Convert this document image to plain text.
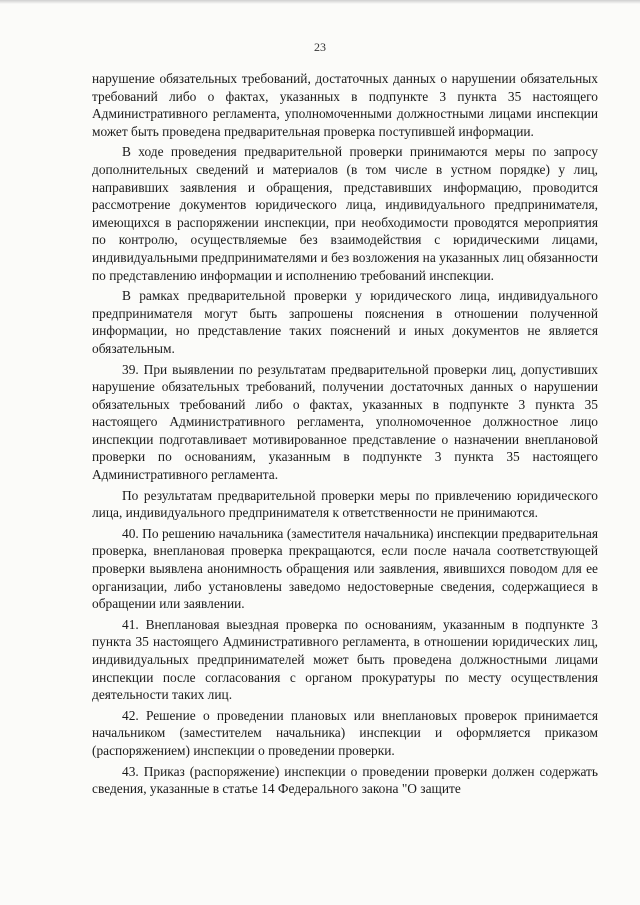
23

нарушение обязательных требований, достаточных данных о нарушении обязательных требований либо о фактах, указанных в подпункте 3 пункта 35 настоящего Административного регламента, уполномоченными должностными лицами инспекции может быть проведена предварительная проверка поступившей информации.

В ходе проведения предварительной проверки принимаются меры по запросу дополнительных сведений и материалов (в том числе в устном порядке) у лиц, направивших заявления и обращения, представивших информацию, проводится рассмотрение документов юридического лица, индивидуального предпринимателя, имеющихся в распоряжении инспекции, при необходимости проводятся мероприятия по контролю, осуществляемые без взаимодействия с юридическими лицами, индивидуальными предпринимателями и без возложения на указанных лиц обязанности по представлению информации и исполнению требований инспекции.

В рамках предварительной проверки у юридического лица, индивидуального предпринимателя могут быть запрошены пояснения в отношении полученной информации, но представление таких пояснений и иных документов не является обязательным.

39. При выявлении по результатам предварительной проверки лиц, допустивших нарушение обязательных требований, получении достаточных данных о нарушении обязательных требований либо о фактах, указанных в подпункте 3 пункта 35 настоящего Административного регламента, уполномоченное должностное лицо инспекции подготавливает мотивированное представление о назначении внеплановой проверки по основаниям, указанным в подпункте 3 пункта 35 настоящего Административного регламента.

По результатам предварительной проверки меры по привлечению юридического лица, индивидуального предпринимателя к ответственности не принимаются.

40. По решению начальника (заместителя начальника) инспекции предварительная проверка, внеплановая проверка прекращаются, если после начала соответствующей проверки выявлена анонимность обращения или заявления, явившихся поводом для ее организации, либо установлены заведомо недостоверные сведения, содержащиеся в обращении или заявлении.

41. Внеплановая выездная проверка по основаниям, указанным в подпункте 3 пункта 35 настоящего Административного регламента, в отношении юридических лиц, индивидуальных предпринимателей может быть проведена должностными лицами инспекции после согласования с органом прокуратуры по месту осуществления деятельности таких лиц.

42. Решение о проведении плановых или внеплановых проверок принимается начальником (заместителем начальника) инспекции и оформляется приказом (распоряжением) инспекции о проведении проверки.

43. Приказ (распоряжение) инспекции о проведении проверки должен содержать сведения, указанные в статье 14 Федерального закона "О защите
